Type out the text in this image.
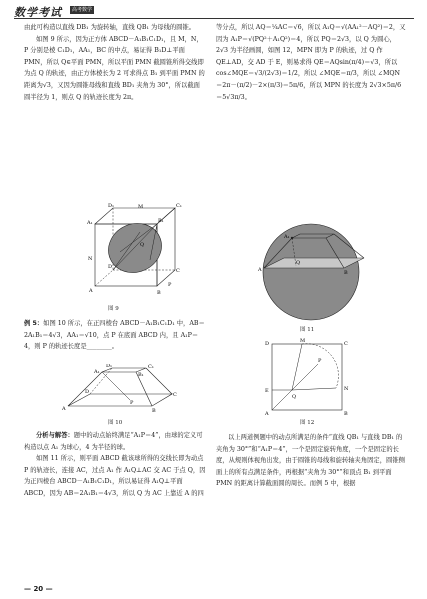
数学考试	高考数学

由此可构造以直线 DB₁ 为旋转轴，直线 QB₁ 为母线的圆锥。

如图 9 所示，因为正方体 ABCD－A₁B₁C₁D₁，且 M，N，P 分别是棱 C₁D₁，AA₁，BC 的中点，易证得 B₁D⊥平面 PMN，所以 Q∈平面 PMN，所以平面 PMN 截圆锥所得交线即为点 Q 的轨迹，由正方体棱长为 2 可求得点 B₁ 到平面 PMN 的距离为√3，又因为圆锥母线和直线 BD₁ 夹角为 30°，所以截面圆半径为 1，则点 Q 的轨迹长度为 2π。

D₁	C₁
A₁	B₁
M
N
P
Q
D
C
A	B
图 9

例 5：如图 10 所示，在正四棱台 ABCD－A₁B₁C₁D₁ 中，AB＝2A₁B₁＝4√3，AA₁＝√10，点 P 在底面 ABCD 内，且 A₁P＝4，则 P 的轨迹长度是________。

A	B
C
D
A₁
D₁
B₁
C₁
P
图 10

分析与解答：题中的动点始终满足“A₁P＝4”，由球的定义可构造以点 A₁ 为球心，4 为半径的球。

如图 11 所示，则平面 ABCD 截该球所得的交线长即为动点 P 的轨迹长，连接 AC，过点 A₁ 作 A₁Q⊥AC 交 AC 于点 Q，因为正四棱台 ABCD－A₁B₁C₁D₁，所以易证得 A₁Q⊥平面 ABCD，因为 AB＝2A₁B₁＝4√3，所以 Q 为 AC 上靠近 A 的四

等分点，所以 AQ＝¼AC＝√6，所以 A₁Q＝√(AA₁²－AQ²)＝2，又因为 A₁P＝√(PQ²＋A₁Q²)＝4，所以 PQ＝2√3，以 Q 为圆心，2√3 为半径画圆，如图 12，MPN 即为 P 的轨迹，过 Q 作 QE⊥AD，交 AD 于 E，则易求得 QE＝AQsin(π/4)＝√3，所以 cos∠MQE＝√3/(2√3)＝1/2，所以 ∠MQE＝π/3，所以 ∠MQN＝2π－(π/2)－2×(π/3)＝5π/6，所以 MPN 的长度为 2√3×5π/6＝5√3π/3。

A₁
A	B
Q
图 11
D	M	C
N
E
Q
P
A	B
图 12

以上两道例题中的动点所满足的条件“直线 QB₁ 与直线 DB₁ 的夹角为 30°”和“A₁P＝4”，一个是固定旋转角度，一个是固定的长度，从规则体视角出发，由于圆锥的母线和旋转轴夹角固定，圆锥侧面上的所有点满足条件，再根据“夹角为 30°”和顶点 B₁ 到平面 PMN 的距离计算截面圆的周长。而例 5 中，根据

— 20 —
